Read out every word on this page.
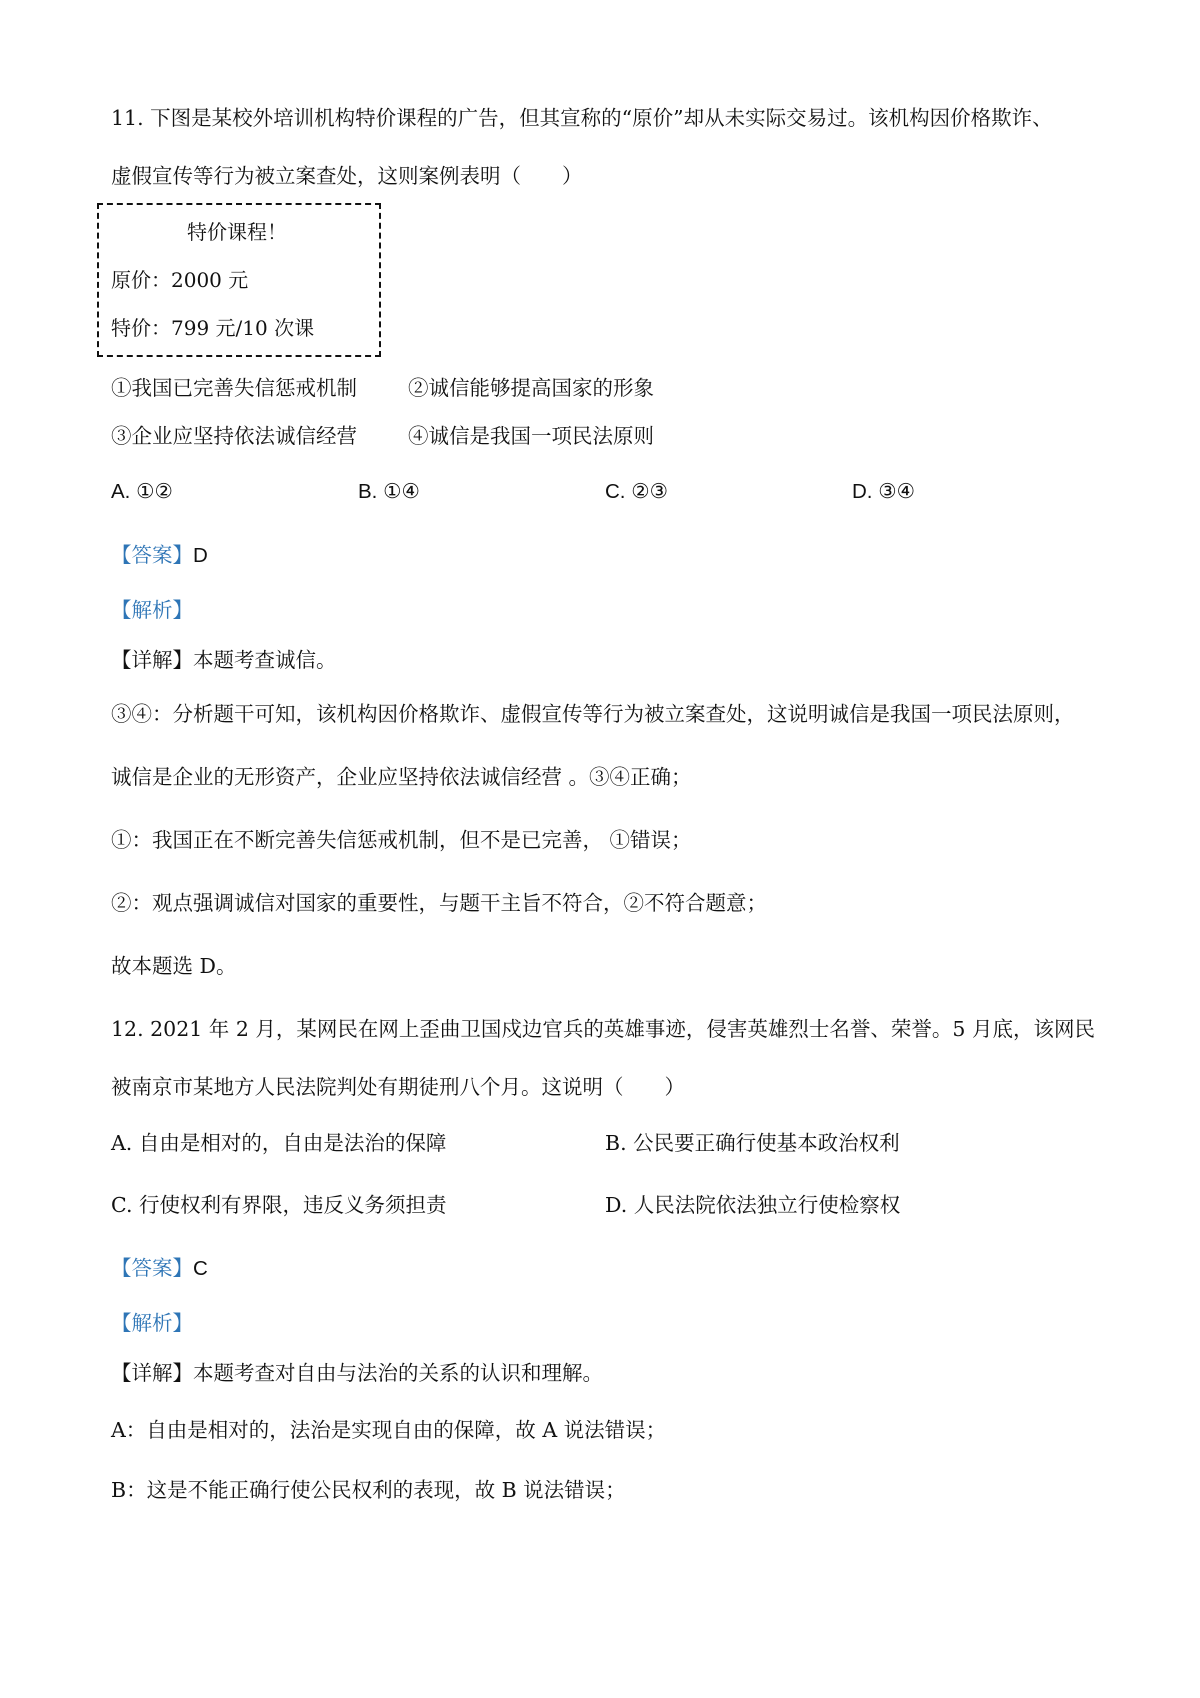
11. 下图是某校外培训机构特价课程的广告，但其宣称的“原价”却从未实际交易过。该机构因价格欺诈、
虚假宣传等行为被立案查处，这则案例表明（　　）
特价课程！
原价：2000 元
特价：799 元/10 次课
①我国已完善失信惩戒机制 ②诚信能够提高国家的形象
③企业应坚持依法诚信经营 ④诚信是我国一项民法原则
A. ①②	B. ①④	C. ②③	D. ③④
【答案】D
【解析】
【详解】本题考查诚信。
③④：分析题干可知，该机构因价格欺诈、虚假宣传等行为被立案查处，这说明诚信是我国一项民法原则，
诚信是企业的无形资产，企业应坚持依法诚信经营 。③④正确；
①：我国正在不断完善失信惩戒机制，但不是已完善， ①错误；
②：观点强调诚信对国家的重要性，与题干主旨不符合，②不符合题意；
故本题选 D。
12. 2021 年 2 月，某网民在网上歪曲卫国戍边官兵的英雄事迹，侵害英雄烈士名誉、荣誉。5 月底，该网民
被南京市某地方人民法院判处有期徒刑八个月。这说明（　　）
A. 自由是相对的，自由是法治的保障	B. 公民要正确行使基本政治权利
C. 行使权利有界限，违反义务须担责	D. 人民法院依法独立行使检察权
【答案】C
【解析】
【详解】本题考查对自由与法治的关系的认识和理解。
A：自由是相对的，法治是实现自由的保障，故 A 说法错误；
B：这是不能正确行使公民权利的表现，故 B 说法错误；
